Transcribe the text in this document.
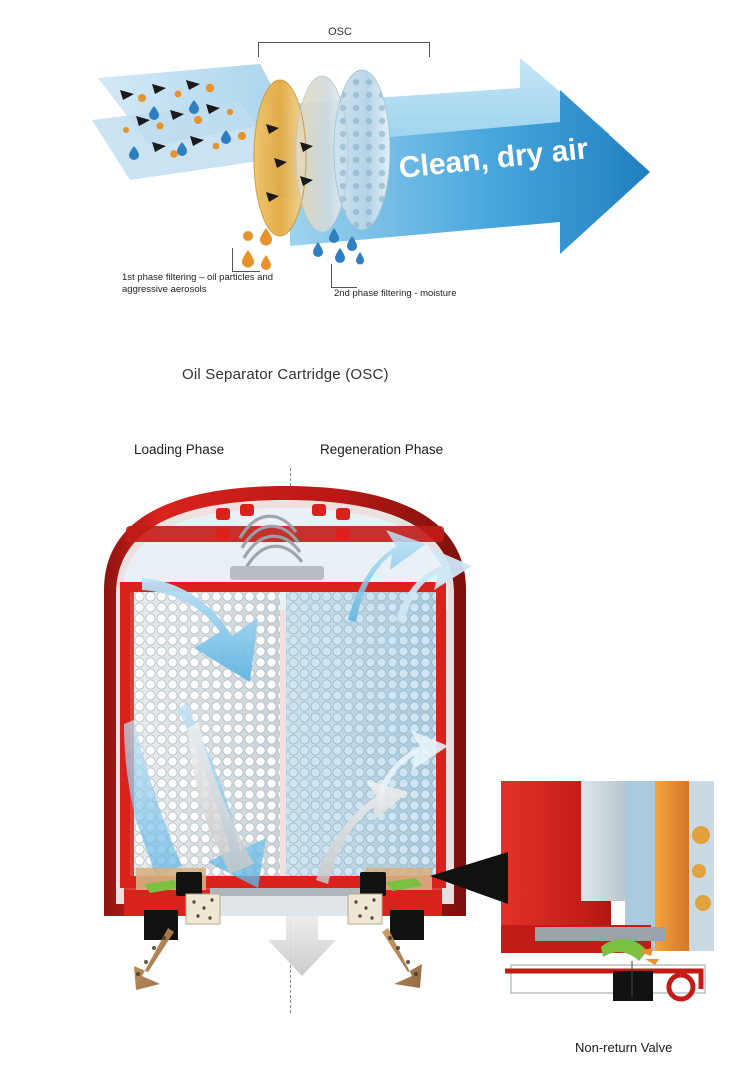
OSC
Clean, dry air
1st phase filtering – oil particles and aggressive aerosols	2nd phase filtering - moisture
Oil Separator Cartridge (OSC)
Loading Phase	Regeneration Phase
Non-return Valve
